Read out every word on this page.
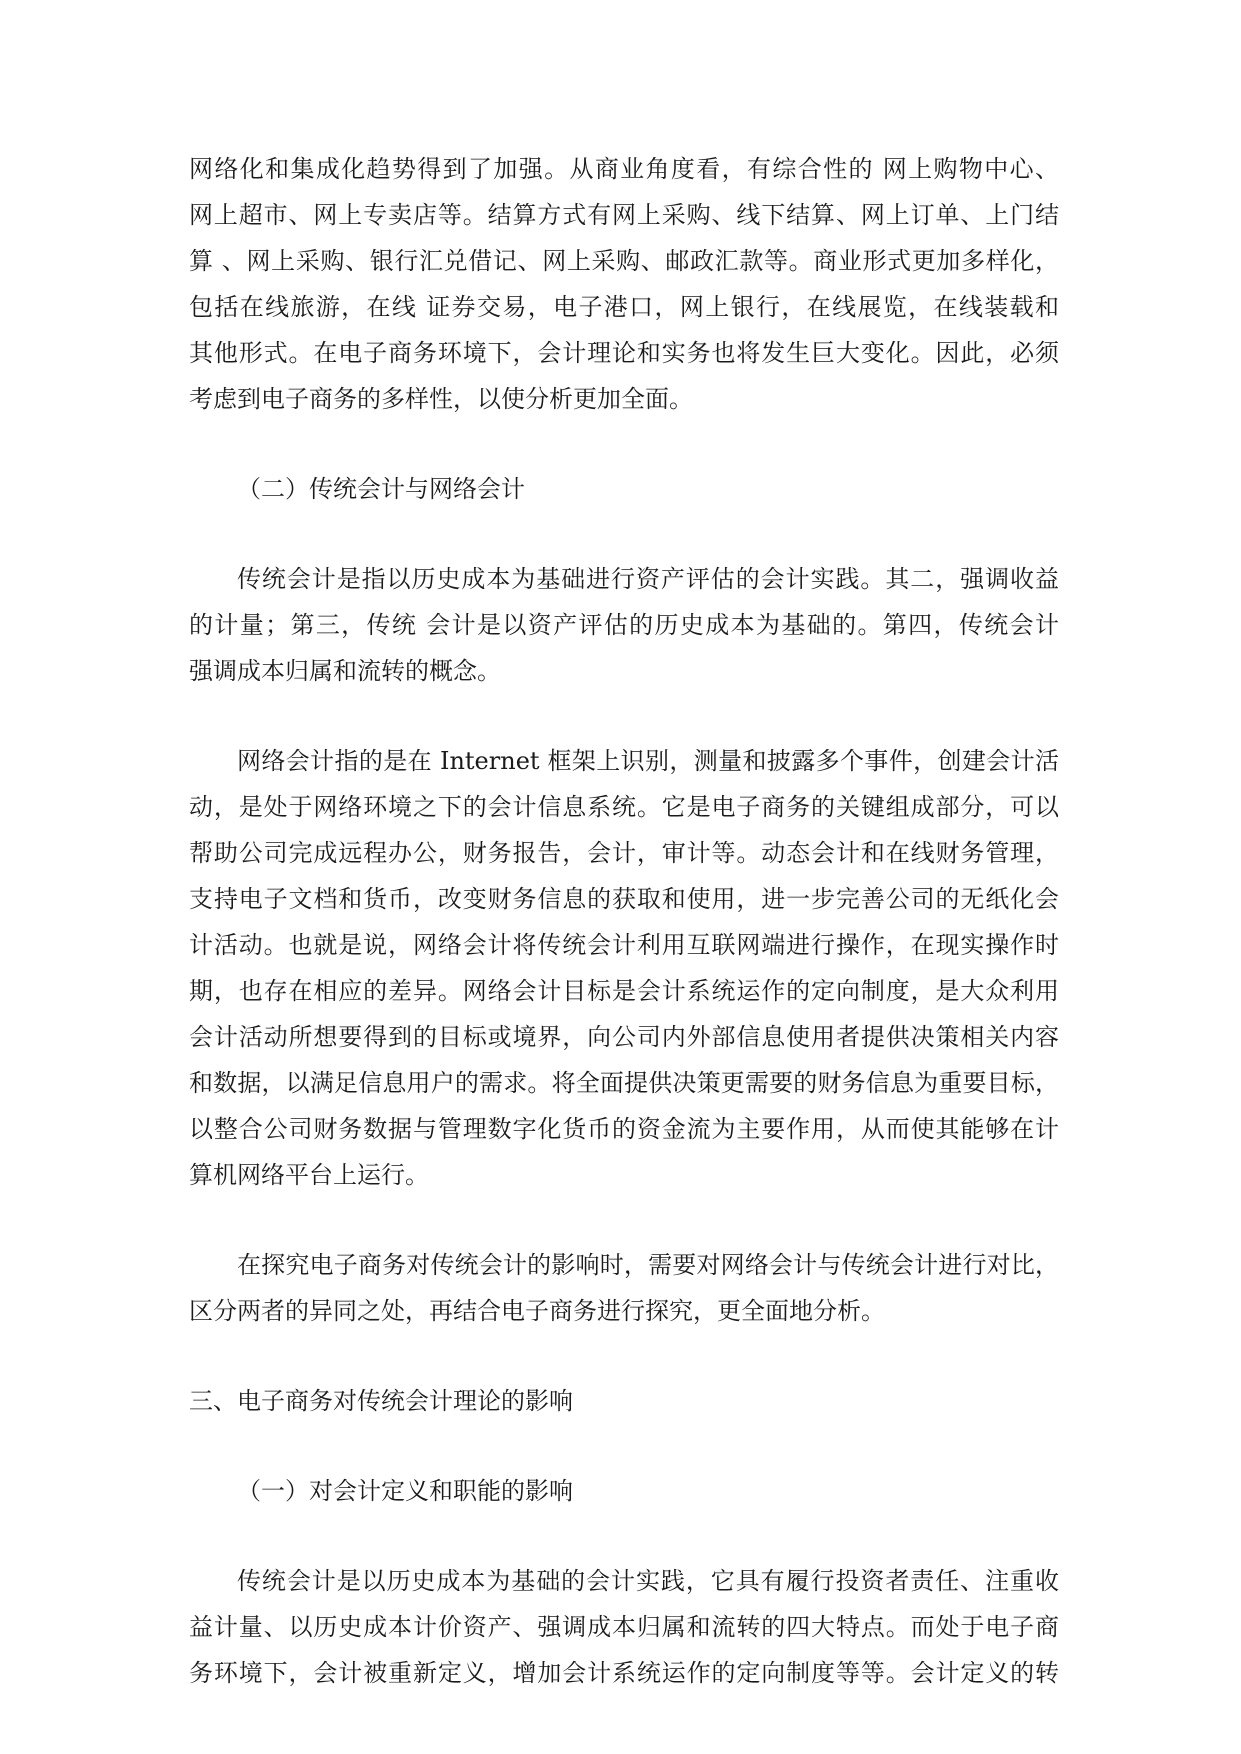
网络化和集成化趋势得到了加强。从商业角度看，有综合性的 网上购物中心、
网上超市、网上专卖店等。结算方式有网上采购、线下结算、网上订单、上门结
算 、网上采购、银行汇兑借记、网上采购、邮政汇款等。商业形式更加多样化，
包括在线旅游，在线 证券交易，电子港口，网上银行，在线展览，在线装载和
其他形式。在电子商务环境下，会计理论和实务也将发生巨大变化。因此，必须
考虑到电子商务的多样性，以使分析更加全面。
（二）传统会计与网络会计
传统会计是指以历史成本为基础进行资产评估的会计实践。其二，强调收益
的计量；第三，传统 会计是以资产评估的历史成本为基础的。第四，传统会计
强调成本归属和流转的概念。
网络会计指的是在 Internet 框架上识别，测量和披露多个事件，创建会计活
动，是处于网络环境之下的会计信息系统。它是电子商务的关键组成部分，可以
帮助公司完成远程办公，财务报告，会计，审计等。动态会计和在线财务管理，
支持电子文档和货币，改变财务信息的获取和使用，进一步完善公司的无纸化会
计活动。也就是说，网络会计将传统会计利用互联网端进行操作，在现实操作时
期，也存在相应的差异。网络会计目标是会计系统运作的定向制度，是大众利用
会计活动所想要得到的目标或境界，向公司内外部信息使用者提供决策相关内容
和数据，以满足信息用户的需求。将全面提供决策更需要的财务信息为重要目标，
以整合公司财务数据与管理数字化货币的资金流为主要作用，从而使其能够在计
算机网络平台上运行。
在探究电子商务对传统会计的影响时，需要对网络会计与传统会计进行对比，
区分两者的异同之处，再结合电子商务进行探究，更全面地分析。
三、电子商务对传统会计理论的影响
（一）对会计定义和职能的影响
传统会计是以历史成本为基础的会计实践，它具有履行投资者责任、注重收
益计量、以历史成本计价资产、强调成本归属和流转的四大特点。而处于电子商
务环境下，会计被重新定义，增加会计系统运作的定向制度等等。会计定义的转
